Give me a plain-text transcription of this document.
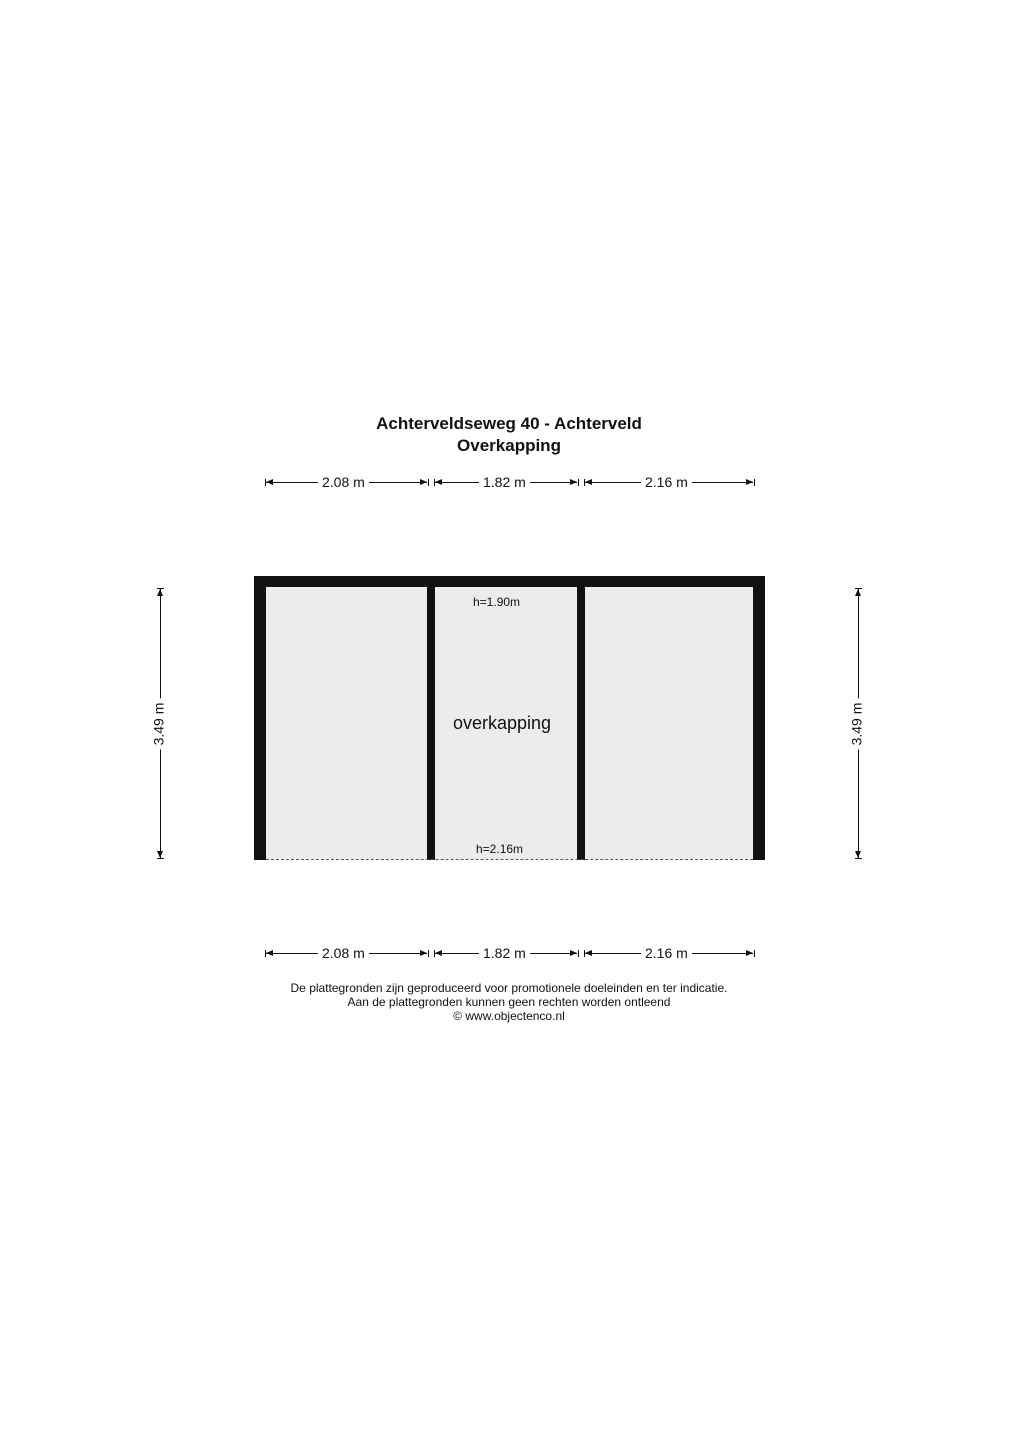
Achterveldseweg 40 - Achterveld
Overkapping
2.08 m	1.82 m	2.16 m
3.49 m	3.49 m
overkapping
h=1.90m
h=2.16m
2.08 m	1.82 m	2.16 m
De plattegronden zijn geproduceerd voor promotionele doeleinden en ter indicatie.
Aan de plattegronden kunnen geen rechten worden ontleend
© www.objectenco.nl
